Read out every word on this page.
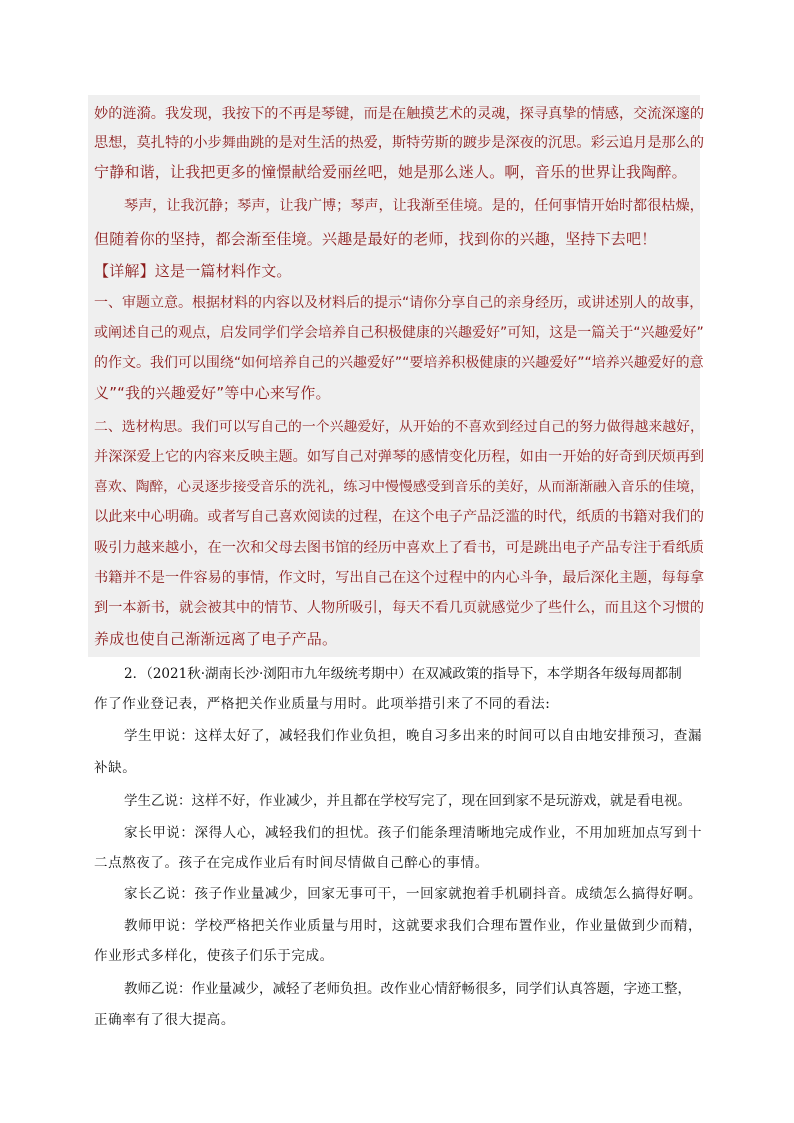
妙的涟漪。我发现，我按下的不再是琴键，而是在触摸艺术的灵魂，探寻真挚的情感，交流深邃的

思想，莫扎特的小步舞曲跳的是对生活的热爱，斯特劳斯的踱步是深夜的沉思。彩云追月是那么的

宁静和谐，让我把更多的憧憬献给爱丽丝吧，她是那么迷人。啊，音乐的世界让我陶醉。

琴声，让我沉静；琴声，让我广博；琴声，让我渐至佳境。是的，任何事情开始时都很枯燥，

但随着你的坚持，都会渐至佳境。兴趣是最好的老师，找到你的兴趣，坚持下去吧！

【详解】这是一篇材料作文。

一、审题立意。根据材料的内容以及材料后的提示“请你分享自己的亲身经历，或讲述别人的故事，

或阐述自己的观点，启发同学们学会培养自己积极健康的兴趣爱好”可知，这是一篇关于“兴趣爱好”

的作文。我们可以围绕“如何培养自己的兴趣爱好”“要培养积极健康的兴趣爱好”“培养兴趣爱好的意

义”“我的兴趣爱好”等中心来写作。

二、选材构思。我们可以写自己的一个兴趣爱好，从开始的不喜欢到经过自己的努力做得越来越好，

并深深爱上它的内容来反映主题。如写自己对弹琴的感情变化历程，如由一开始的好奇到厌烦再到

喜欢、陶醉，心灵逐步接受音乐的洗礼，练习中慢慢感受到音乐的美好，从而渐渐融入音乐的佳境，

以此来中心明确。或者写自己喜欢阅读的过程，在这个电子产品泛滥的时代，纸质的书籍对我们的

吸引力越来越小，在一次和父母去图书馆的经历中喜欢上了看书，可是跳出电子产品专注于看纸质

书籍并不是一件容易的事情，作文时，写出自己在这个过程中的内心斗争，最后深化主题，每每拿

到一本新书，就会被其中的情节、人物所吸引，每天不看几页就感觉少了些什么，而且这个习惯的

养成也使自己渐渐远离了电子产品。

2．（2021秋·湖南长沙·浏阳市九年级统考期中）在双减政策的指导下，本学期各年级每周都制

作了作业登记表，严格把关作业质量与用时。此项举措引来了不同的看法:

学生甲说：这样太好了，减轻我们作业负担，晚自习多出来的时间可以自由地安排预习，查漏

补缺。

学生乙说：这样不好，作业减少，并且都在学校写完了，现在回到家不是玩游戏，就是看电视。

家长甲说：深得人心，减轻我们的担忧。孩子们能条理清晰地完成作业，不用加班加点写到十

二点熬夜了。孩子在完成作业后有时间尽情做自己醉心的事情。

家长乙说：孩子作业量减少，回家无事可干，一回家就抱着手机刷抖音。成绩怎么搞得好啊。

教师甲说：学校严格把关作业质量与用时，这就要求我们合理布置作业，作业量做到少而精，

作业形式多样化，使孩子们乐于完成。

教师乙说：作业量减少，减轻了老师负担。改作业心情舒畅很多，同学们认真答题，字迹工整，

正确率有了很大提高。
